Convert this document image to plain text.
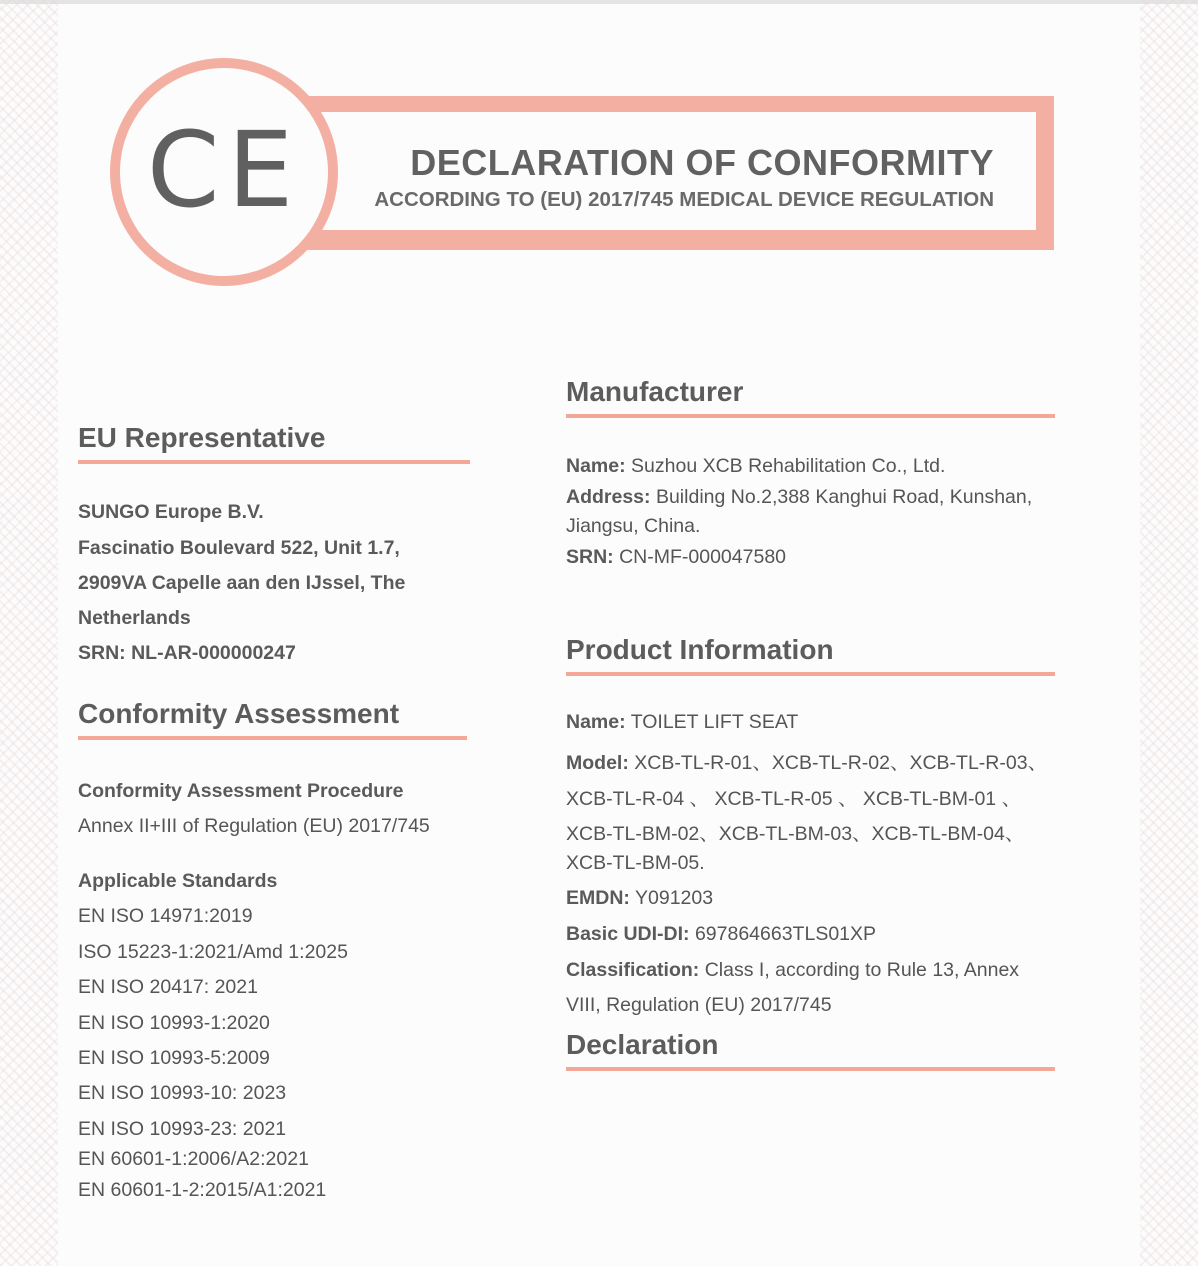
CE	DECLARATION OF CONFORMITY
ACCORDING TO (EU) 2017/745 MEDICAL DEVICE REGULATION
EU Representative
SUNGO Europe B.V.
Fascinatio Boulevard 522, Unit 1.7,
2909VA Capelle aan den IJssel, The
Netherlands
SRN: NL-AR-000000247
Conformity Assessment
Conformity Assessment Procedure
Annex II+III of Regulation (EU) 2017/745
Applicable Standards
EN ISO 14971:2019
ISO 15223-1:2021/Amd 1:2025
EN ISO 20417: 2021
EN ISO 10993-1:2020
EN ISO 10993-5:2009
EN ISO 10993-10: 2023
EN ISO 10993-23: 2021
EN 60601-1:2006/A2:2021
EN 60601-1-2:2015/A1:2021
Manufacturer
Name: Suzhou XCB Rehabilitation Co., Ltd.
Address: Building No.2,388 Kanghui Road, Kunshan,
Jiangsu, China.
SRN: CN-MF-000047580
Product Information
Name: TOILET LIFT SEAT
Model: XCB-TL-R-01、XCB-TL-R-02、XCB-TL-R-03、
XCB-TL-R-04 、 XCB-TL-R-05 、 XCB-TL-BM-01 、
XCB-TL-BM-02、XCB-TL-BM-03、XCB-TL-BM-04、
XCB-TL-BM-05.
EMDN: Y091203
Basic UDI-DI: 697864663TLS01XP
Classification: Class I, according to Rule 13, Annex
VIII, Regulation (EU) 2017/745
Declaration
